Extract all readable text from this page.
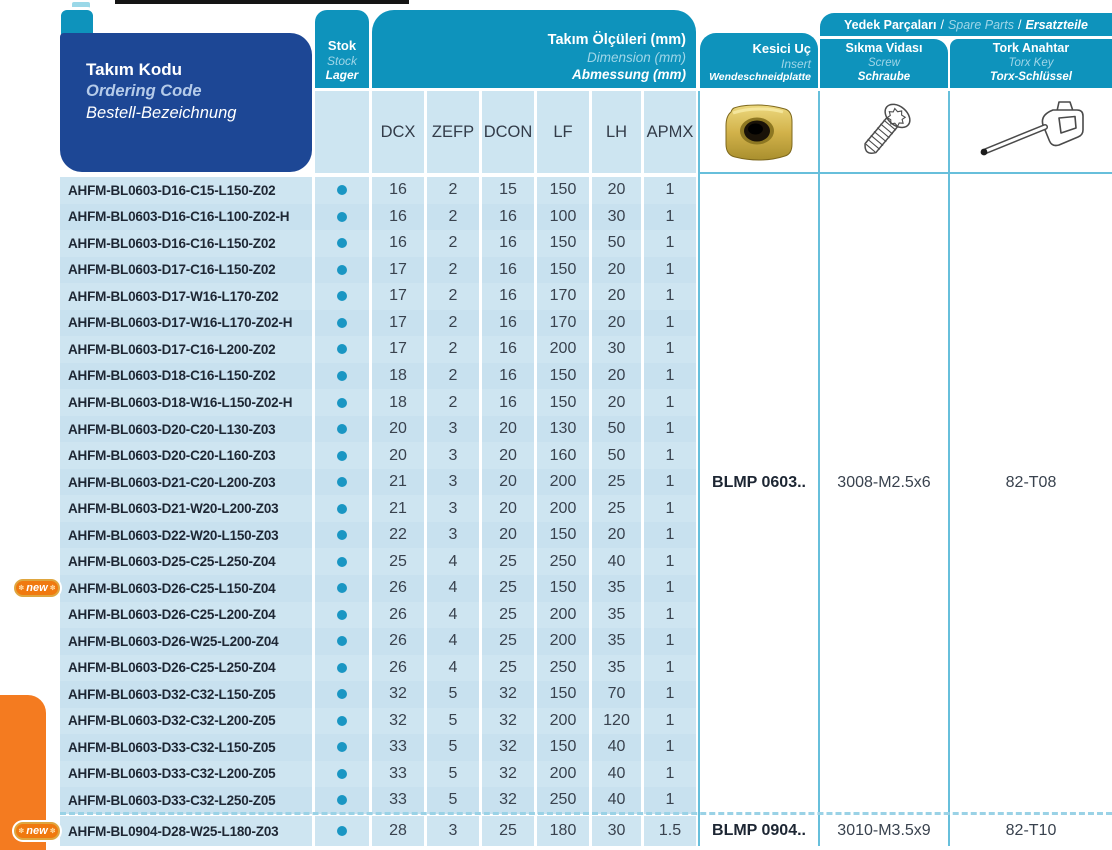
Takım Kodu
Ordering Code
Bestell-Bezeichnung
Stok
Stock
Lager
Takım Ölçüleri (mm)
Dimension (mm)
Abmessung (mm)
Kesici Uç
Insert
Wendeschneidplatte
Yedek Parçaları / Spare Parts / Ersatzteile
Sıkma Vidası
Screw
Schraube
Tork Anahtar
Torx Key
Torx-Schlüssel
DCX ZEFP DCON	LF	LH	APMX
BLMP 0603..	3008-M2.5x6	82-T08
BLMP 0904..	3010-M3.5x9	82-T10
AHFM-BL0603-D16-C15-L150-Z02	16	2	15	150	20	1
AHFM-BL0603-D16-C16-L100-Z02-H	16	2	16	100	30	1
AHFM-BL0603-D16-C16-L150-Z02	16	2	16	150	50	1
AHFM-BL0603-D17-C16-L150-Z02	17	2	16	150	20	1
AHFM-BL0603-D17-W16-L170-Z02	17	2	16	170	20	1
AHFM-BL0603-D17-W16-L170-Z02-H	17	2	16	170	20	1
AHFM-BL0603-D17-C16-L200-Z02	17	2	16	200	30	1
AHFM-BL0603-D18-C16-L150-Z02	18	2	16	150	20	1
AHFM-BL0603-D18-W16-L150-Z02-H	18	2	16	150	20	1
AHFM-BL0603-D20-C20-L130-Z03	20	3	20	130	50	1
AHFM-BL0603-D20-C20-L160-Z03	20	3	20	160	50	1
AHFM-BL0603-D21-C20-L200-Z03	21	3	20	200	25	1
AHFM-BL0603-D21-W20-L200-Z03	21	3	20	200	25	1
AHFM-BL0603-D22-W20-L150-Z03	22	3	20	150	20	1
AHFM-BL0603-D25-C25-L250-Z04	25	4	25	250	40	1
✽ new ✽ AHFM-BL0603-D26-C25-L150-Z04	26	4	25	150	35	1
AHFM-BL0603-D26-C25-L200-Z04	26	4	25	200	35	1
AHFM-BL0603-D26-W25-L200-Z04	26	4	25	200	35	1
AHFM-BL0603-D26-C25-L250-Z04	26	4	25	250	35	1
AHFM-BL0603-D32-C32-L150-Z05	32	5	32	150	70	1
AHFM-BL0603-D32-C32-L200-Z05	32	5	32	200	120	1
AHFM-BL0603-D33-C32-L150-Z05	33	5	32	150	40	1
AHFM-BL0603-D33-C32-L200-Z05	33	5	32	200	40	1
AHFM-BL0603-D33-C32-L250-Z05	33	5	32	250	40	1
✽ new ✽ AHFM-BL0904-D28-W25-L180-Z03	28	3	25	180	30	1.5
